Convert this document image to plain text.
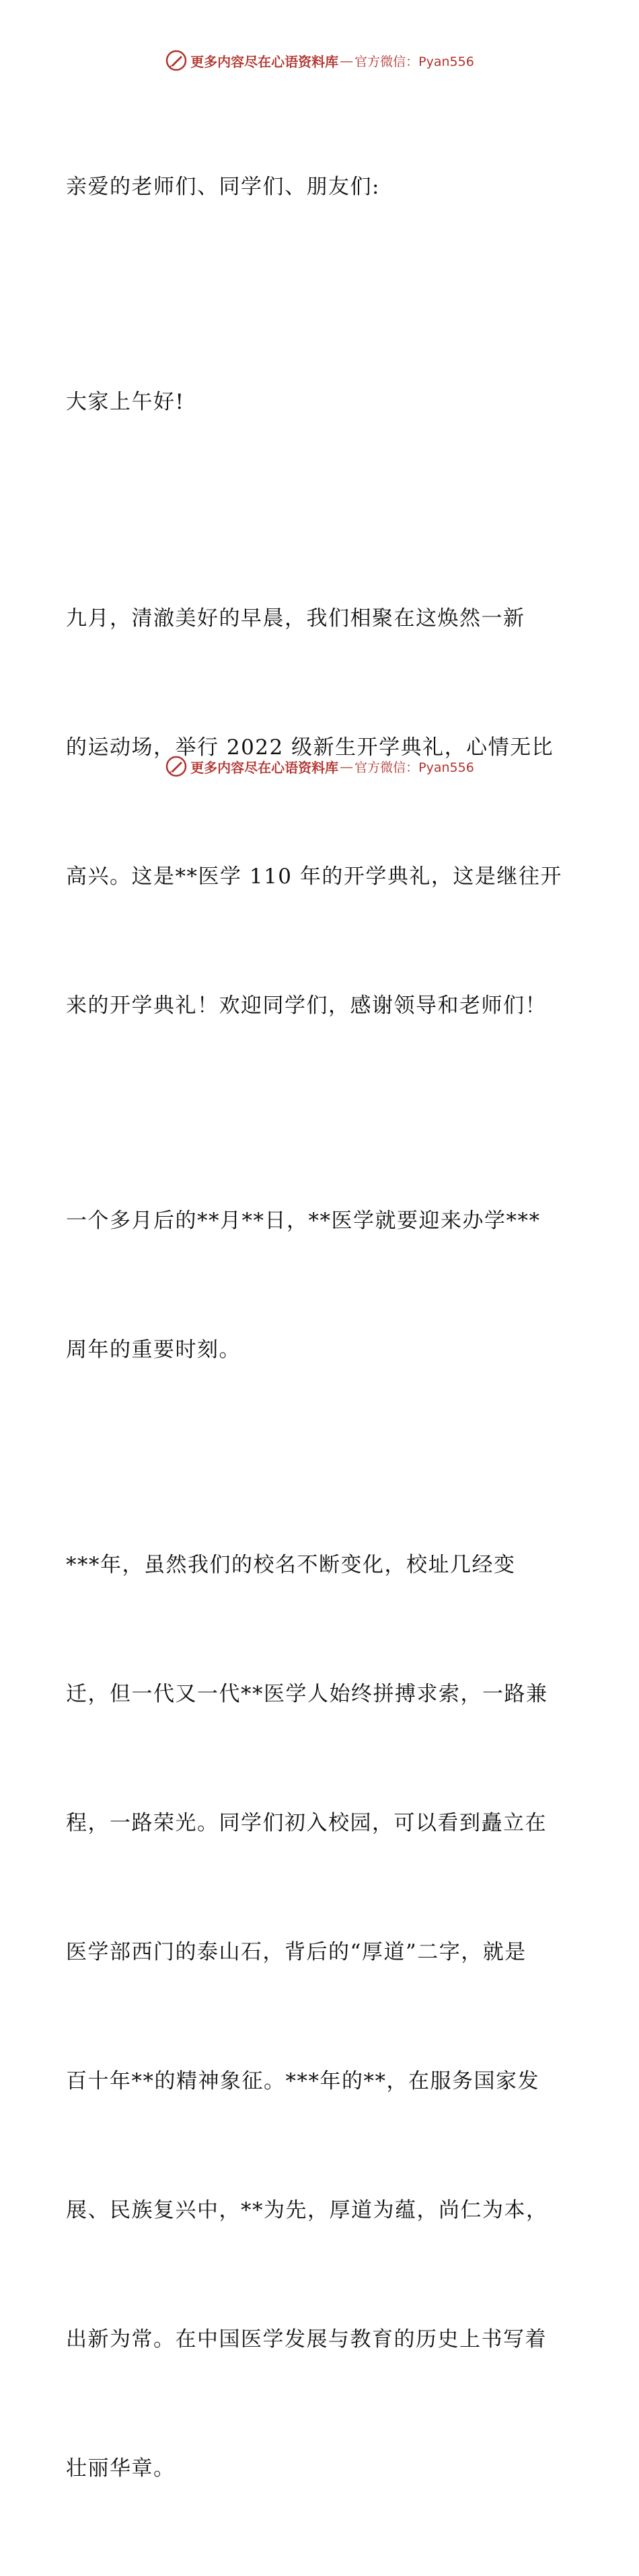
更多内容尽在心语资料库 — 官方微信：Pyan556

亲爱的老师们、同学们、朋友们:

大家上午好!

九月，清澈美好的早晨，我们相聚在这焕然一新

的运动场，举行 2022 级新生开学典礼，心情无比

高兴。这是**医学 110 年的开学典礼，这是继往开

来的开学典礼！欢迎同学们，感谢领导和老师们！

一个多月后的**月**日，**医学就要迎来办学***

周年的重要时刻。

***年，虽然我们的校名不断变化，校址几经变

迁，但一代又一代**医学人始终拼搏求索，一路兼

程，一路荣光。同学们初入校园，可以看到矗立在

医学部西门的泰山石，背后的“厚道”二字，就是

百十年**的精神象征。***年的**，在服务国家发

展、民族复兴中，**为先，厚道为蕴，尚仁为本，

出新为常。在中国医学发展与教育的历史上书写着

壮丽华章。

更多内容尽在心语资料库 — 官方微信：Pyan556
